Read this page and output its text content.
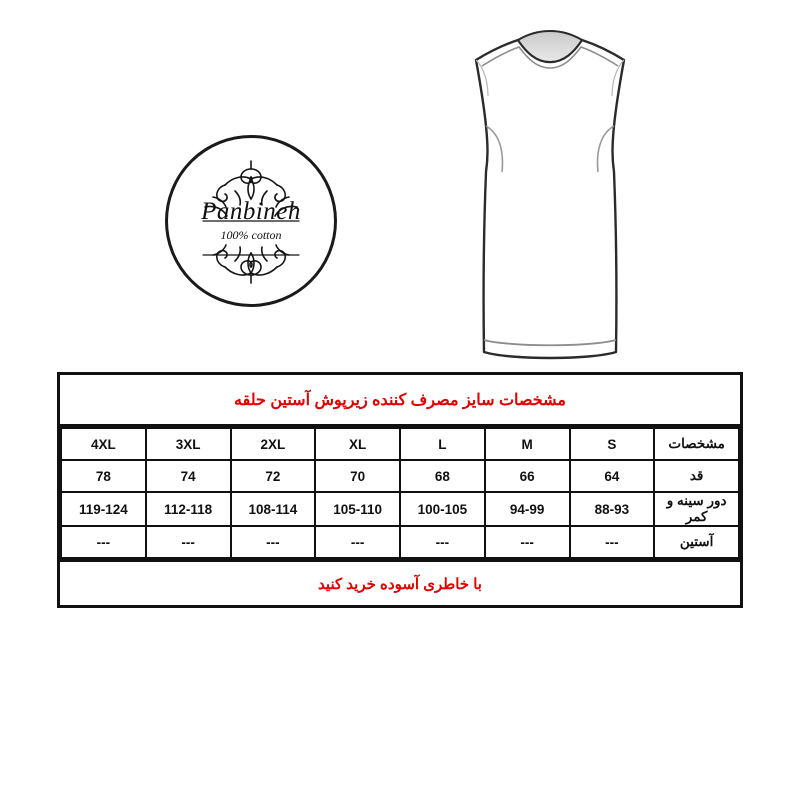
Panbineh
100% cotton
مشخصات سایز مصرف کننده زیرپوش آستین حلقه
مشخصات	S	M	L	XL	2XL	3XL	4XL
قد	64	66	68	70	72	74	78
دور سینه و کمر	88-93	94-99	100-105	105-110	108-114	112-118	119-124
آستین	---	---	---	---	---	---	---
با خاطری آسوده خرید کنید
